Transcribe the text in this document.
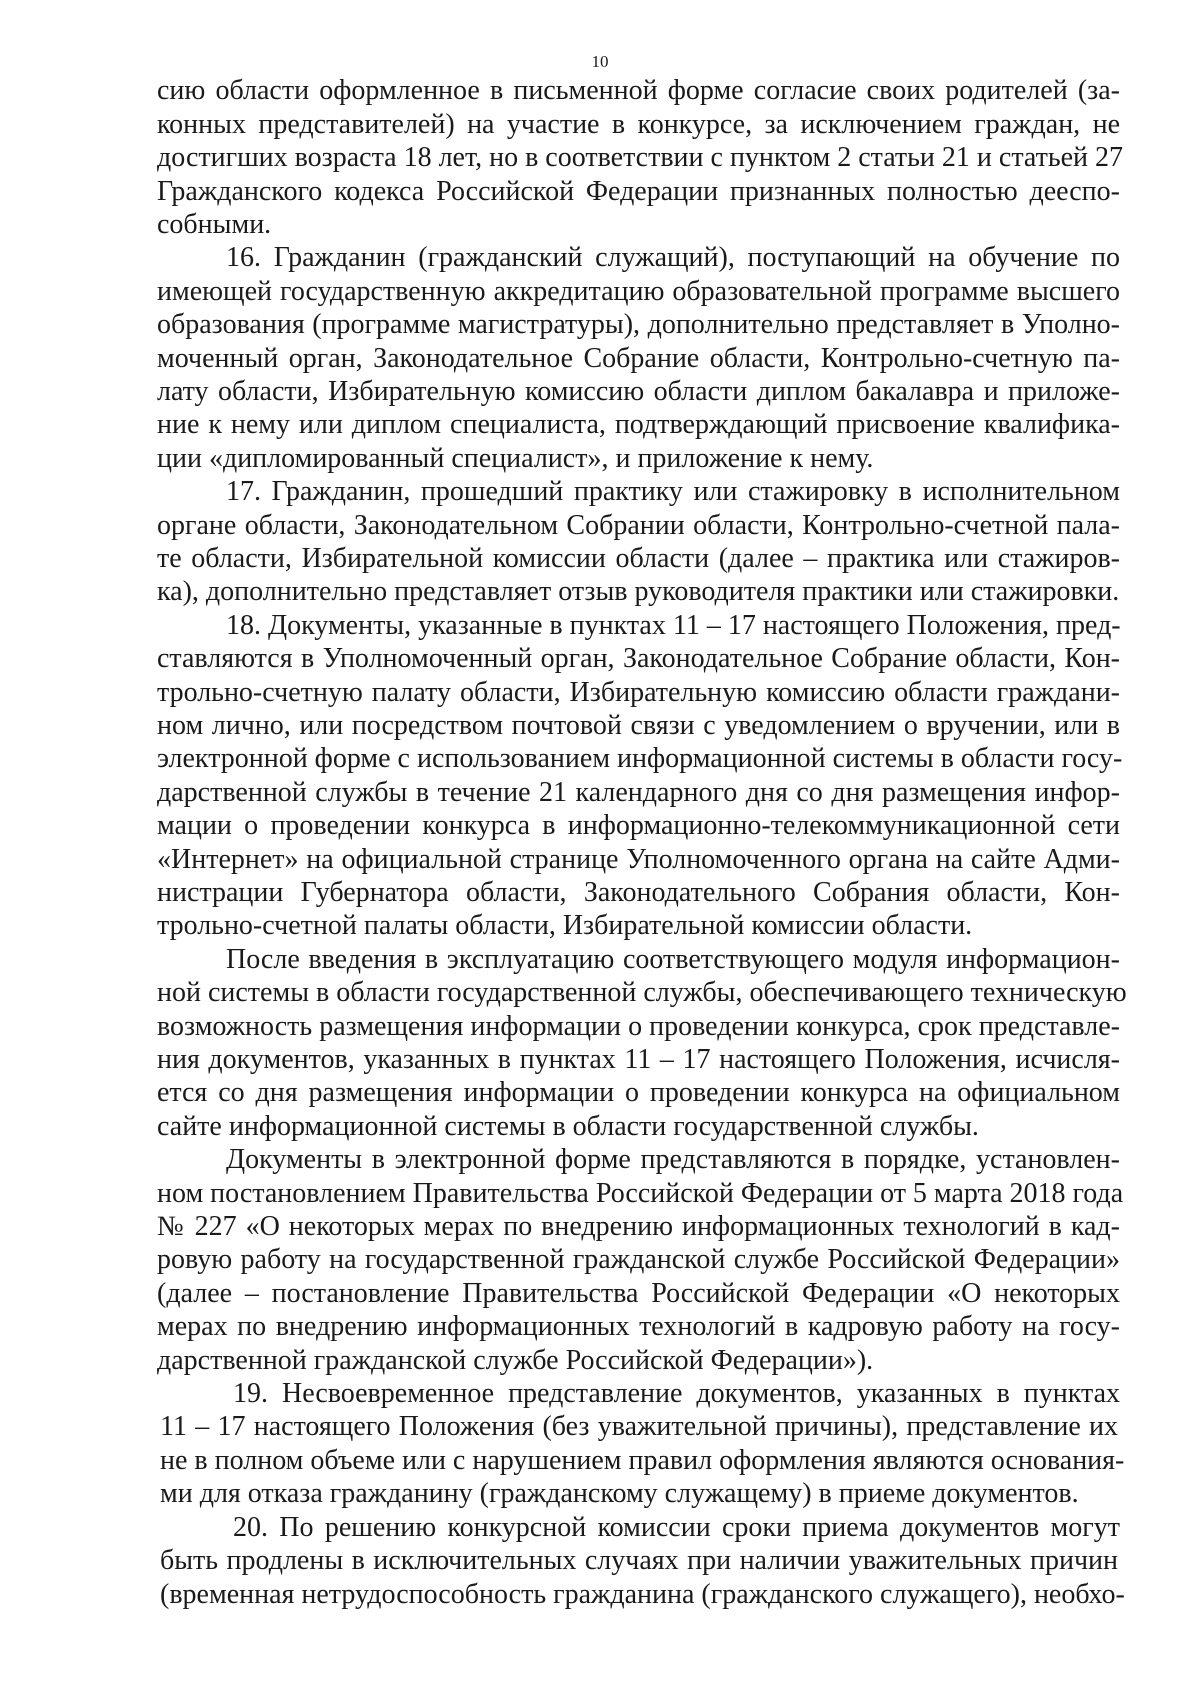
10
сию области оформленное в письменной форме согласие своих родителей (за-
конных представителей) на участие в конкурсе, за исключением граждан, не
достигших возраста 18 лет, но в соответствии с пунктом 2 статьи 21 и статьей 27
Гражданского кодекса Российской Федерации признанных полностью дееспо-
собными.
16. Гражданин (гражданский служащий), поступающий на обучение по
имеющей государственную аккредитацию образовательной программе высшего
образования (программе магистратуры), дополнительно представляет в Уполно-
моченный орган, Законодательное Собрание области, Контрольно-счетную па-
лату области, Избирательную комиссию области диплом бакалавра и приложе-
ние к нему или диплом специалиста, подтверждающий присвоение квалифика-
ции «дипломированный специалист», и приложение к нему.
17. Гражданин, прошедший практику или стажировку в исполнительном
органе области, Законодательном Собрании области, Контрольно-счетной пала-
те области, Избирательной комиссии области (далее – практика или стажиров-
ка), дополнительно представляет отзыв руководителя практики или стажировки.
18. Документы, указанные в пунктах 11 – 17 настоящего Положения, пред-
ставляются в Уполномоченный орган, Законодательное Собрание области, Кон-
трольно-счетную палату области, Избирательную комиссию области граждани-
ном лично, или посредством почтовой связи с уведомлением о вручении, или в
электронной форме с использованием информационной системы в области госу-
дарственной службы в течение 21 календарного дня со дня размещения инфор-
мации о проведении конкурса в информационно-телекоммуникационной сети
«Интернет» на официальной странице Уполномоченного органа на сайте Адми-
нистрации Губернатора области, Законодательного Собрания области, Кон-
трольно-счетной палаты области, Избирательной комиссии области.
После введения в эксплуатацию соответствующего модуля информацион-
ной системы в области государственной службы, обеспечивающего техническую
возможность размещения информации о проведении конкурса, срок представле-
ния документов, указанных в пунктах 11 – 17 настоящего Положения, исчисля-
ется со дня размещения информации о проведении конкурса на официальном
сайте информационной системы в области государственной службы.
Документы в электронной форме представляются в порядке, установлен-
ном постановлением Правительства Российской Федерации от 5 марта 2018 года
№ 227 «О некоторых мерах по внедрению информационных технологий в кад-
ровую работу на государственной гражданской службе Российской Федерации»
(далее – постановление Правительства Российской Федерации «О некоторых
мерах по внедрению информационных технологий в кадровую работу на госу-
дарственной гражданской службе Российской Федерации»).
19. Несвоевременное представление документов, указанных в пунктах
11 – 17 настоящего Положения (без уважительной причины), представление их
не в полном объеме или с нарушением правил оформления являются основания-
ми для отказа гражданину (гражданскому служащему) в приеме документов.
20. По решению конкурсной комиссии сроки приема документов могут
быть продлены в исключительных случаях при наличии уважительных причин
(временная нетрудоспособность гражданина (гражданского служащего), необхо-
